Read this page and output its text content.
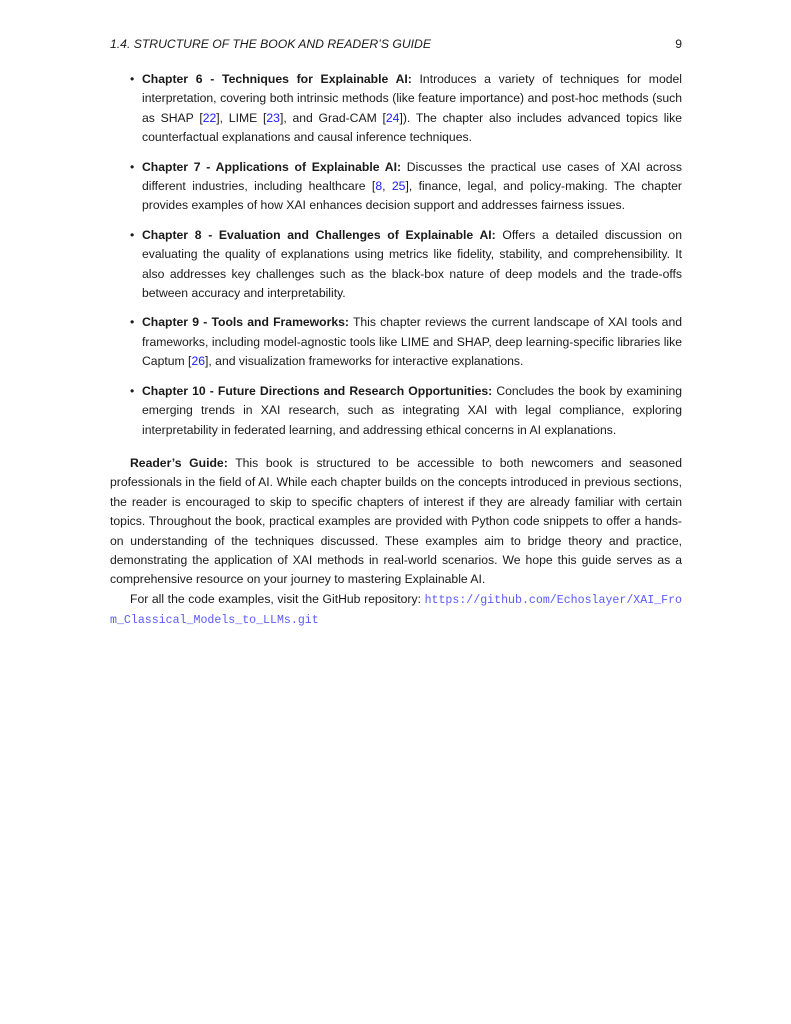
1.4. STRUCTURE OF THE BOOK AND READER’S GUIDE	9
• Chapter 6 - Techniques for Explainable AI: Introduces a variety of techniques for model interpretation, covering both intrinsic methods (like feature importance) and post-hoc methods (such as SHAP [22], LIME [23], and Grad-CAM [24]). The chapter also includes advanced topics like counterfactual explanations and causal inference techniques.
• Chapter 7 - Applications of Explainable AI: Discusses the practical use cases of XAI across different industries, including healthcare [8, 25], finance, legal, and policy-making. The chapter provides examples of how XAI enhances decision support and addresses fairness issues.
• Chapter 8 - Evaluation and Challenges of Explainable AI: Offers a detailed discussion on evaluating the quality of explanations using metrics like fidelity, stability, and comprehensibility. It also addresses key challenges such as the black-box nature of deep models and the trade-offs between accuracy and interpretability.
• Chapter 9 - Tools and Frameworks: This chapter reviews the current landscape of XAI tools and frameworks, including model-agnostic tools like LIME and SHAP, deep learning-specific libraries like Captum [26], and visualization frameworks for interactive explanations.
• Chapter 10 - Future Directions and Research Opportunities: Concludes the book by examining emerging trends in XAI research, such as integrating XAI with legal compliance, exploring interpretability in federated learning, and addressing ethical concerns in AI explanations.

Reader’s Guide: This book is structured to be accessible to both newcomers and seasoned professionals in the field of AI. While each chapter builds on the concepts introduced in previous sections, the reader is encouraged to skip to specific chapters of interest if they are already familiar with certain topics. Throughout the book, practical examples are provided with Python code snippets to offer a hands-on understanding of the techniques discussed. These examples aim to bridge theory and practice, demonstrating the application of XAI methods in real-world scenarios. We hope this guide serves as a comprehensive resource on your journey to mastering Explainable AI.

For all the code examples, visit the GitHub repository: https://github.com/Echoslayer/XAI_From_Classical_Models_to_LLMs.git
